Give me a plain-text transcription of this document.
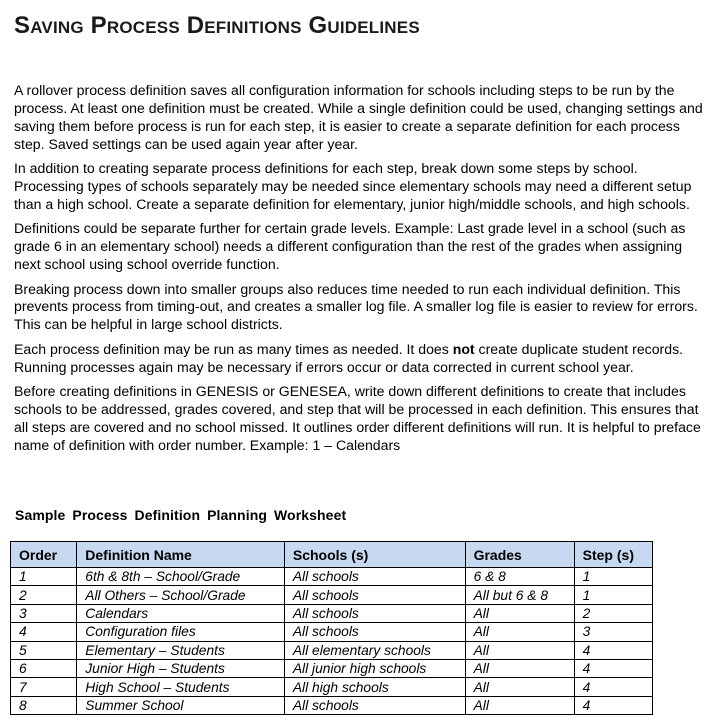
Saving Process Definitions Guidelines

A rollover process definition saves all configuration information for schools including steps to be run by the process. At least one definition must be created. While a single definition could be used, changing settings and saving them before process is run for each step, it is easier to create a separate definition for each process step. Saved settings can be used again year after year.

In addition to creating separate process definitions for each step, break down some steps by school. Processing types of schools separately may be needed since elementary schools may need a different setup than a high school. Create a separate definition for elementary, junior high/middle schools, and high schools.

Definitions could be separate further for certain grade levels. Example: Last grade level in a school (such as grade 6 in an elementary school) needs a different configuration than the rest of the grades when assigning next school using school override function.

Breaking process down into smaller groups also reduces time needed to run each individual definition. This prevents process from timing-out, and creates a smaller log file. A smaller log file is easier to review for errors. This can be helpful in large school districts.

Each process definition may be run as many times as needed. It does not create duplicate student records. Running processes again may be necessary if errors occur or data corrected in current school year.

Before creating definitions in GENESIS or GENESEA, write down different definitions to create that includes schools to be addressed, grades covered, and step that will be processed in each definition. This ensures that all steps are covered and no school missed. It outlines order different definitions will run. It is helpful to preface name of definition with order number. Example: 1 – Calendars

Sample Process Definition Planning Worksheet
Order	Definition Name	Schools (s)	Grades	Step (s)
1	6th & 8th – School/Grade	All schools	6 & 8	1
2	All Others – School/Grade	All schools	All but 6 & 8	1
3	Calendars	All schools	All	2
4	Configuration files	All schools	All	3
5	Elementary – Students	All elementary schools	All	4
6	Junior High – Students	All junior high schools	All	4
7	High School – Students	All high schools	All	4
8	Summer School	All schools	All	4
